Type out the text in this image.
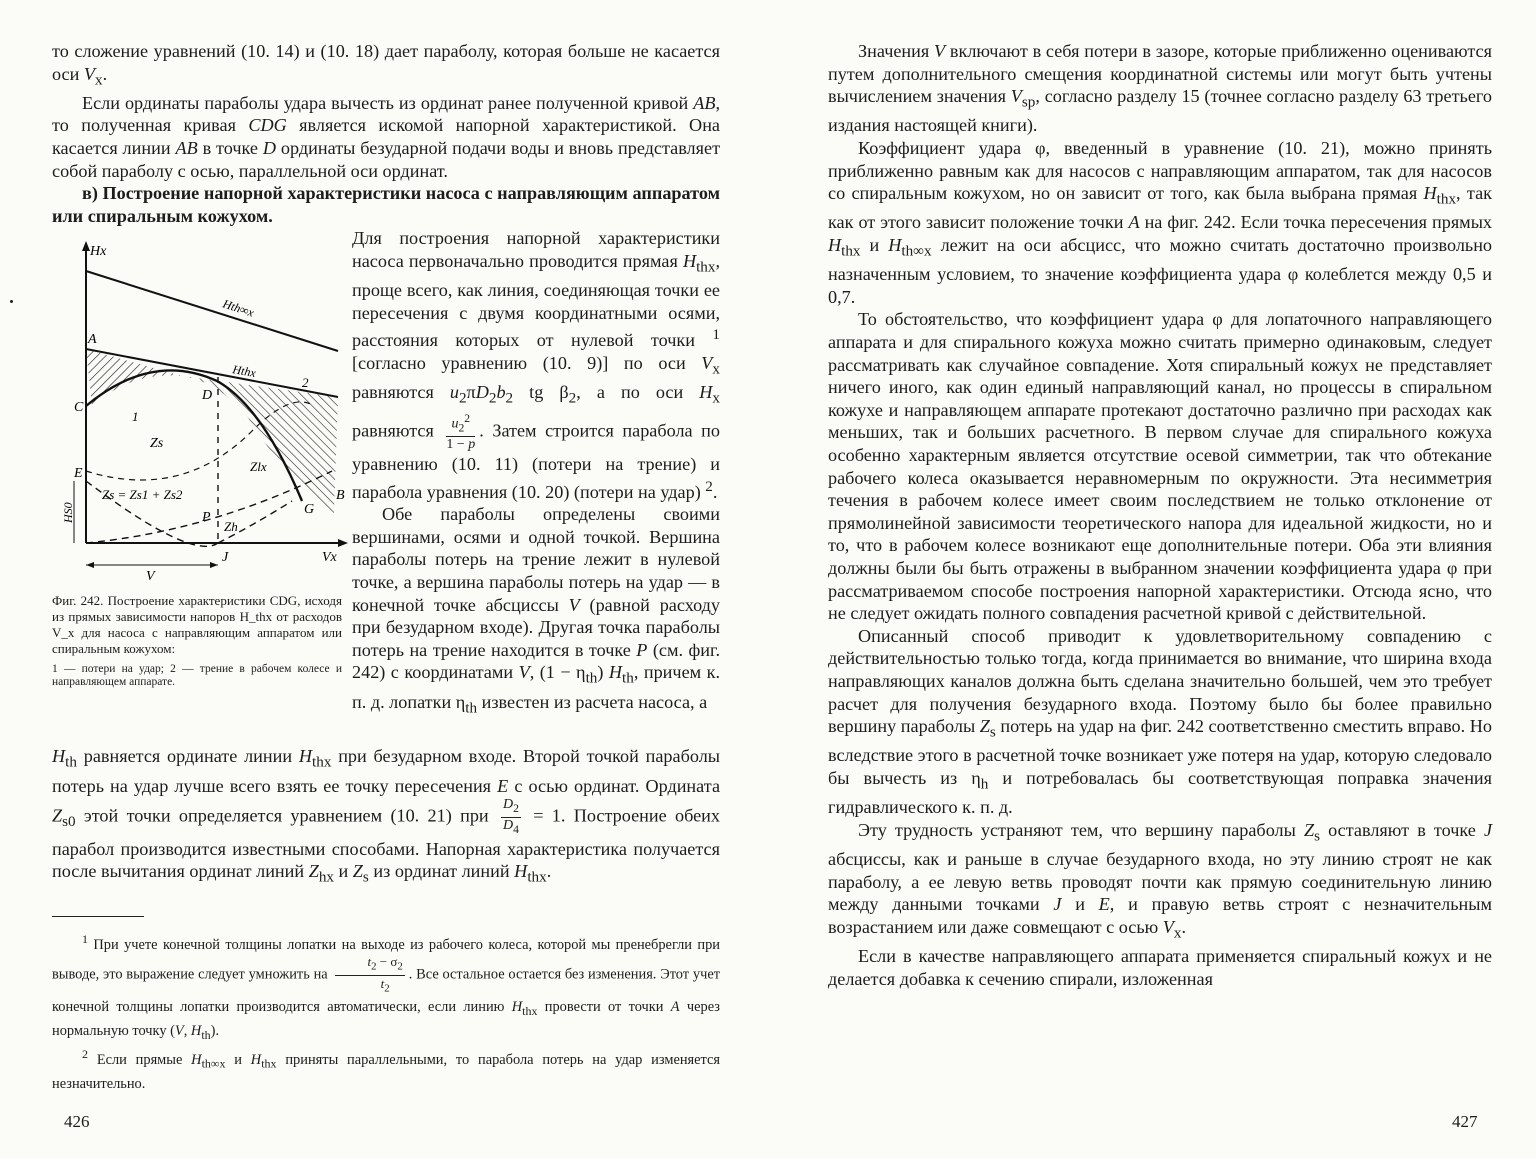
то сложение уравнений (10. 14) и (10. 18) дает параболу, которая больше не касается оси $V_x$.

Если ординаты параболы удара вычесть из ординат ранее полученной кривой AB, то полученная кривая CDG является искомой напорной характеристикой. Она касается линии AB в точке D ординаты безударной подачи воды и вновь представляет собой параболу с осью, параллельной оси ординат.

в) Построение напорной характеристики насоса с направляющим аппаратом или спиральным кожухом.

Hx
Vx
A
C
D
E
G
J
P
B
Zs
Zs = Zs1 + Zs2
Zlx
Zh
Hthx
Hth∞x
HS0
V
1
2

Фиг. 242. Построение характеристики CDG, исходя из прямых зависимости напоров H_thx от расходов V_x для насоса с направляющим аппаратом или спиральным кожухом:

1 — потери на удар; 2 — трение в рабочем колесе и направляющем аппарате.

Для построения напорной характеристики насоса первоначально проводится прямая $H_{thx}$, проще всего, как линия, соединяющая точки ее пересечения с двумя координатными осями, расстояния которых от нулевой точки $^1$ [согласно уравнению (10. 9)] по оси $V_x$ равняются $u_2\pi D_2b_2$ tg $\beta_2$, а по оси $H_x$ равняются $\frac{u_2^2}{1 - p}$ . Затем строится парабола по уравнению (10. 11) (потери на трение) и парабола уравнения (10. 20) (потери на удар) $^2$.

Обе параболы определены своими вершинами, осями и одной точкой. Вершина параболы потерь на трение лежит в нулевой точке, а вершина параболы потерь на удар — в конечной точке абсциссы V (равной расходу при безударном входе). Другая точка параболы потерь на трение находится в точке P (см. фиг. 242) с координатами V, $(1 - \eta_{th})$ $H_{th}$, причем к. п. д. лопатки $\eta_{th}$ известен из расчета насоса, а

$H_{th}$ равняется ординате линии $H_{thx}$ при безударном входе. Второй точкой параболы потерь на удар лучше всего взять ее точку пересечения E с осью ординат. Ордината $Z_{s0}$ этой точки определяется уравнением (10. 21) при $\frac{D_2}{D_4} = 1$. Построение обеих парабол производится известными способами. Напорная характеристика получается после вычитания ординат линий $Z_{hx}$ и $Z_s$ из ординат линий $H_{thx}$.

$^1$ При учете конечной толщины лопатки на выходе из рабочего колеса, которой мы пренебрегли при выводе, это выражение следует умножить на $\frac{t_2 - \sigma_2}{t_2}$ . Все остальное остается без изменения. Этот учет конечной толщины лопатки производится автоматически, если линию $H_{thx}$ провести от точки A через нормальную точку (V, $H_{th}$).

$^2$ Если прямые $H_{th\infty x}$ и $H_{thx}$ приняты параллельными, то парабола потерь на удар изменяется незначительно.

426

Значения V включают в себя потери в зазоре, которые приближенно оцениваются путем дополнительного смещения координатной системы или могут быть учтены вычислением значения $V_{sp}$, согласно разделу 15 (точнее согласно разделу 63 третьего издания настоящей книги).

Коэффициент удара φ, введенный в уравнение (10. 21), можно принять приближенно равным как для насосов с направляющим аппаратом, так для насосов со спиральным кожухом, но он зависит от того, как была выбрана прямая $H_{thx}$, так как от этого зависит положение точки A на фиг. 242. Если точка пересечения прямых $H_{thx}$ и $H_{th\infty x}$ лежит на оси абсцисс, что можно считать достаточно произвольно назначенным условием, то значение коэффициента удара φ колеблется между 0,5 и 0,7.

То обстоятельство, что коэффициент удара φ для лопаточного направляющего аппарата и для спирального кожуха можно считать примерно одинаковым, следует рассматривать как случайное совпадение. Хотя спиральный кожух не представляет ничего иного, как один единый направляющий канал, но процессы в спиральном кожухе и направляющем аппарате протекают достаточно различно при расходах как меньших, так и больших расчетного. В первом случае для спирального кожуха особенно характерным является отсутствие осевой симметрии, так что обтекание рабочего колеса оказывается неравномерным по окружности. Эта несимметрия течения в рабочем колесе имеет своим последствием не только отклонение от прямолинейной зависимости теоретического напора для идеальной жидкости, но и то, что в рабочем колесе возникают еще дополнительные потери. Оба эти влияния должны были бы быть отражены в выбранном значении коэффициента удара φ при рассматриваемом способе построения напорной характеристики. Отсюда ясно, что не следует ожидать полного совпадения расчетной кривой с действительной.

Описанный способ приводит к удовлетворительному совпадению с действительностью только тогда, когда принимается во внимание, что ширина входа направляющих каналов должна быть сделана значительно большей, чем это требует расчет для получения безударного входа. Поэтому было бы более правильно вершину параболы $Z_s$ потерь на удар на фиг. 242 соответственно сместить вправо. Но вследствие этого в расчетной точке возникает уже потеря на удар, которую следовало бы вычесть из $\eta_h$ и потребовалась бы соответствующая поправка значения гидравлического к. п. д.

Эту трудность устраняют тем, что вершину параболы $Z_s$ оставляют в точке J абсциссы, как и раньше в случае безударного входа, но эту линию строят не как параболу, а ее левую ветвь проводят почти как прямую соединительную линию между данными точками J и E, и правую ветвь строят с незначительным возрастанием или даже совмещают с осью $V_x$.

Если в качестве направляющего аппарата применяется спиральный кожух и не делается добавка к сечению спирали, изложенная

427
